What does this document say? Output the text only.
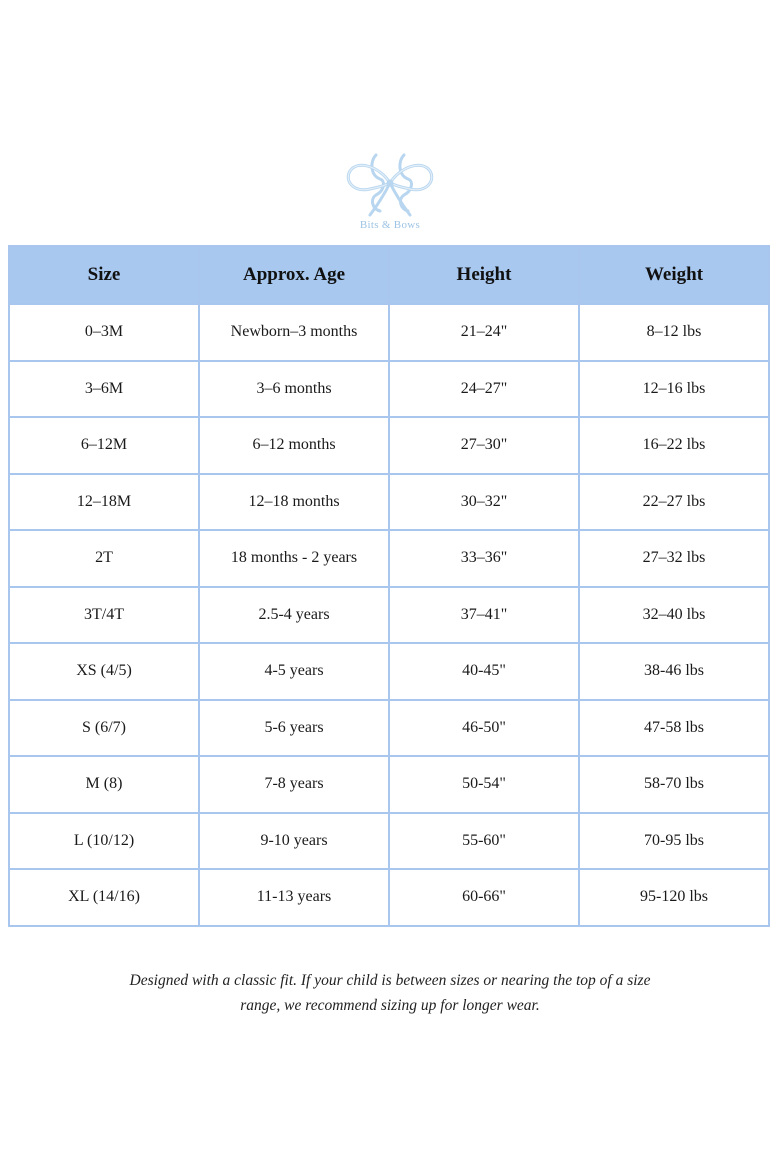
Bits & Bows
Size	Approx. Age	Height	Weight
0–3M	Newborn–3 months	21–24"	8–12 lbs
3–6M	3–6 months	24–27"	12–16 lbs
6–12M	6–12 months	27–30"	16–22 lbs
12–18M	12–18 months	30–32"	22–27 lbs
2T	18 months - 2 years	33–36"	27–32 lbs
3T/4T	2.5-4 years	37–41"	32–40 lbs
XS (4/5)	4-5 years	40-45"	38-46 lbs
S (6/7)	5-6 years	46-50"	47-58 lbs
M (8)	7-8 years	50-54"	58-70 lbs
L (10/12)	9-10 years	55-60"	70-95 lbs
XL (14/16)	11-13 years	60-66"	95-120 lbs
Designed with a classic fit. If your child is between sizes or nearing the top of a size
range, we recommend sizing up for longer wear.
